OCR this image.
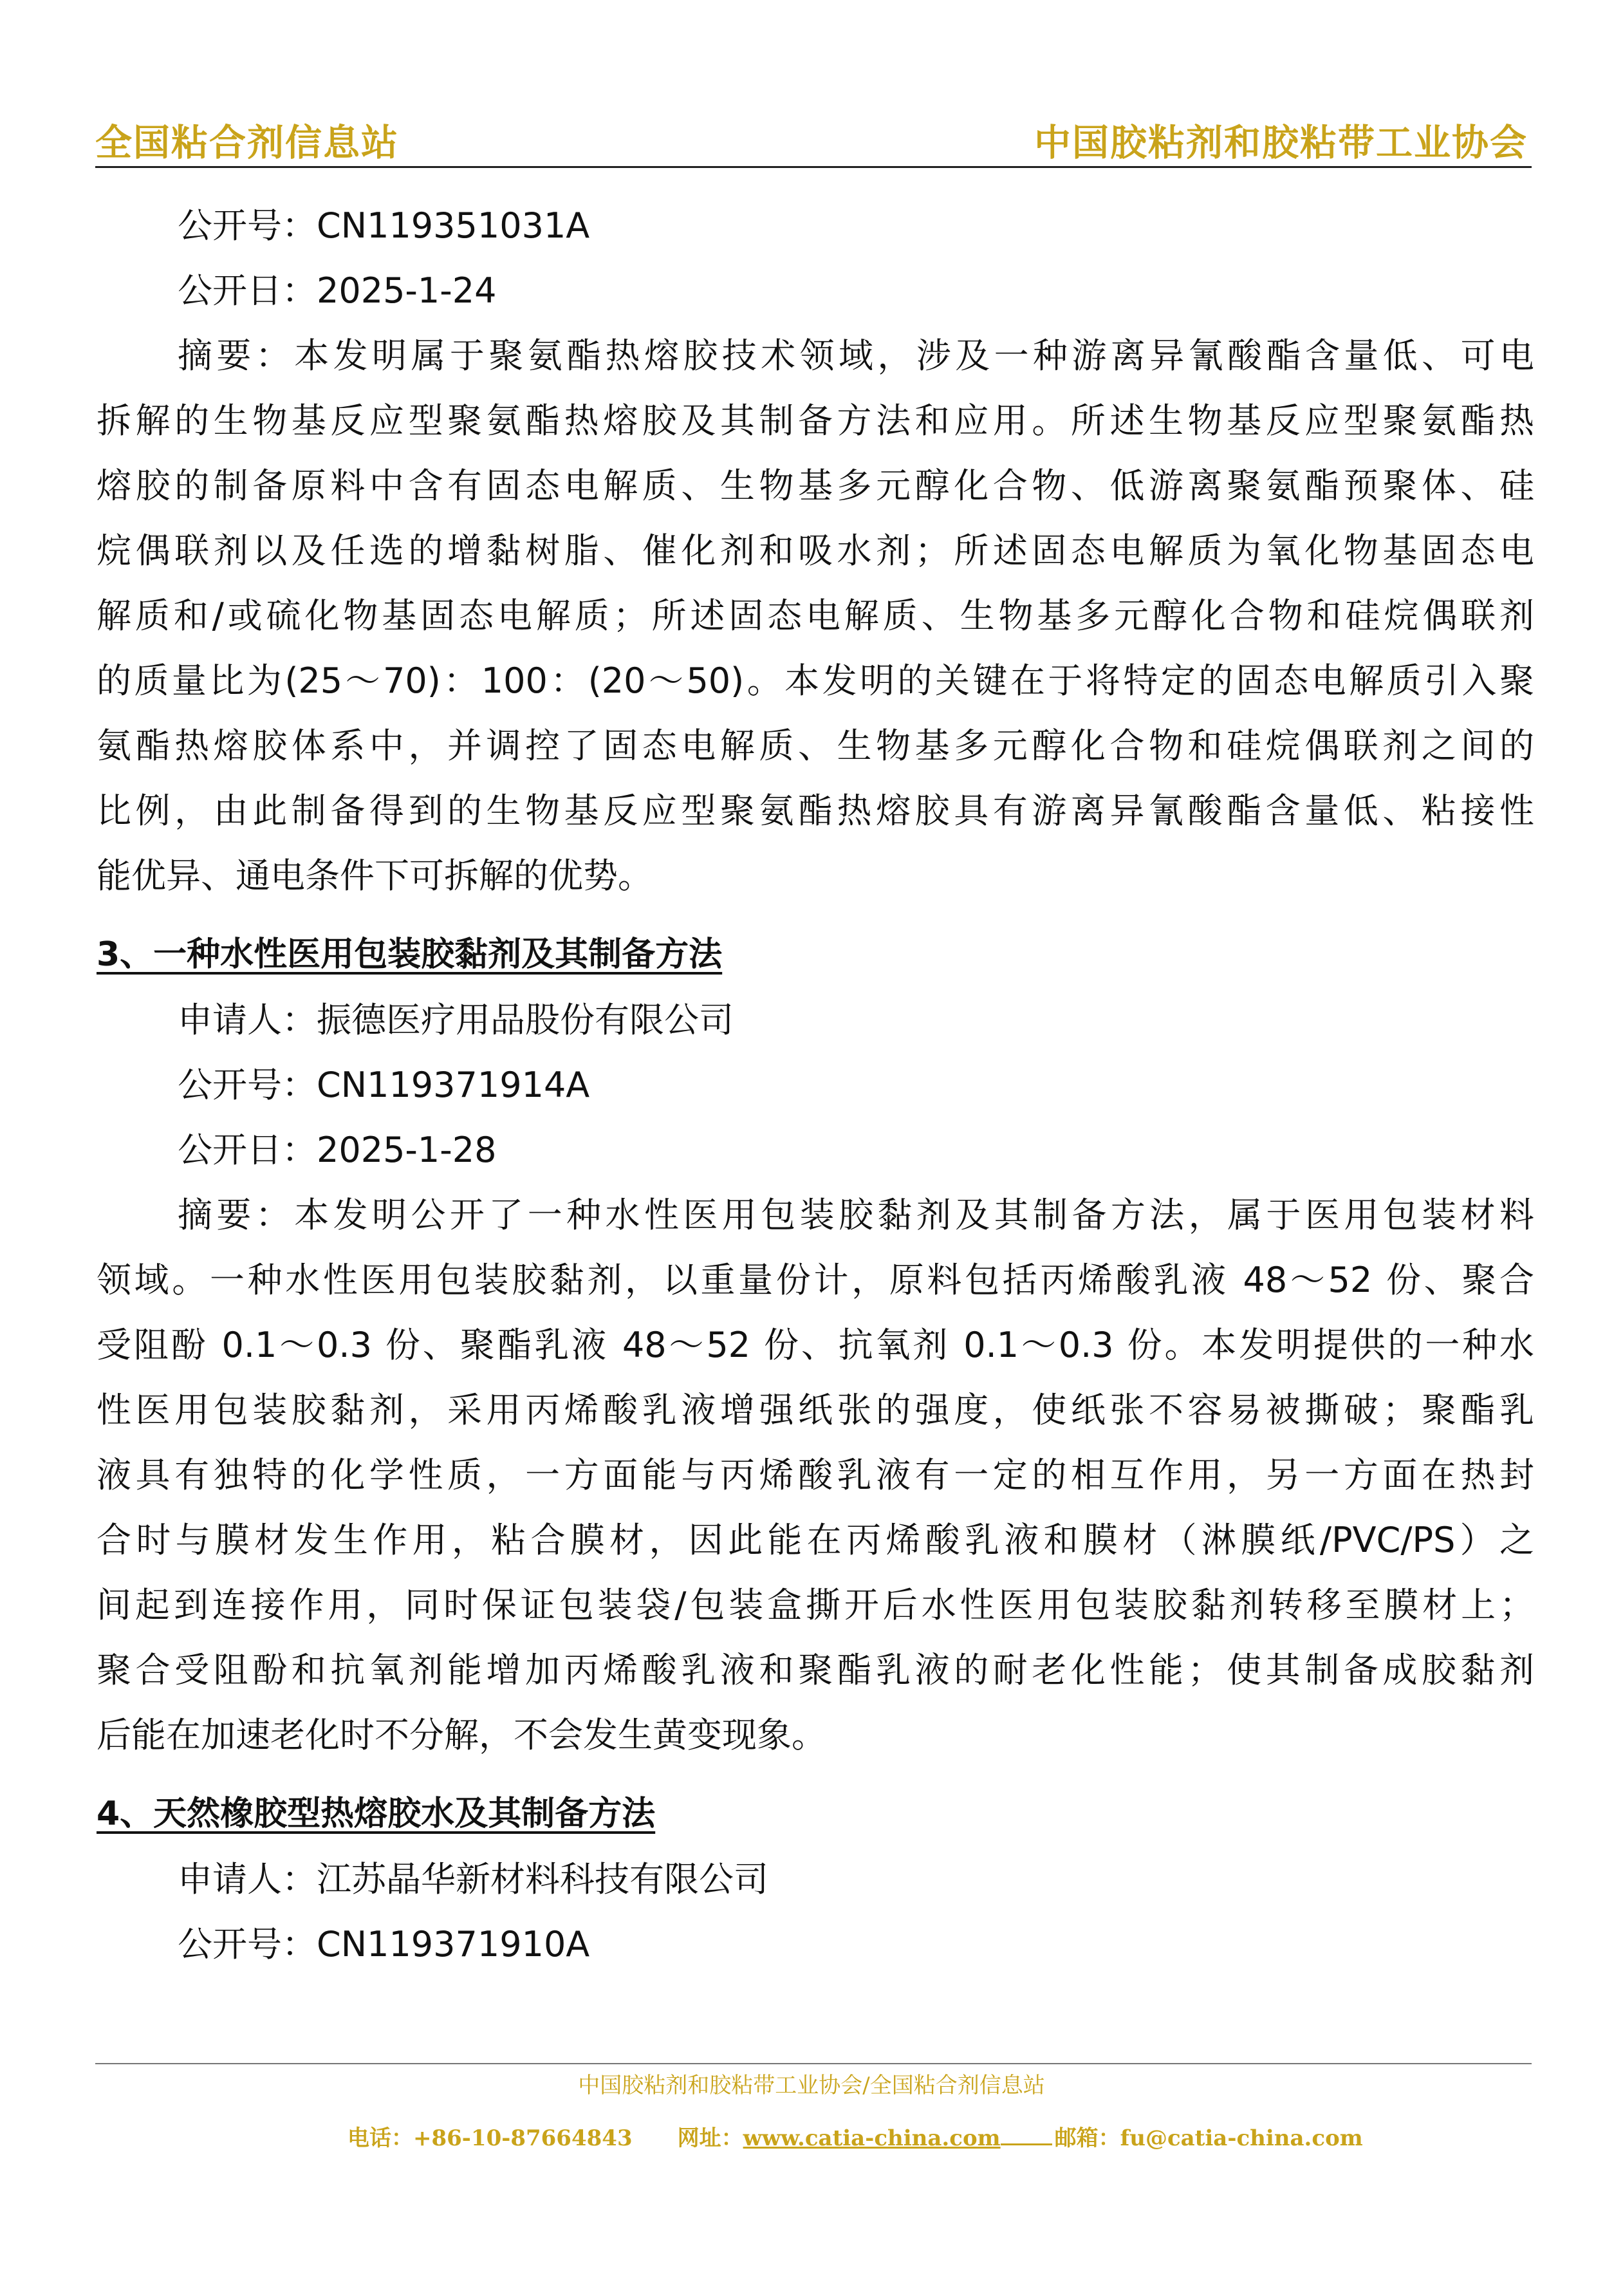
全国粘合剂信息站	中国胶粘剂和胶粘带工业协会
公开号：CN119351031A
公开日：2025-1-24
摘要：本发明属于聚氨酯热熔胶技术领域，涉及一种游离异氰酸酯含量低、可电
拆解的生物基反应型聚氨酯热熔胶及其制备方法和应用。所述生物基反应型聚氨酯热
熔胶的制备原料中含有固态电解质、生物基多元醇化合物、低游离聚氨酯预聚体、硅
烷偶联剂以及任选的增黏树脂、催化剂和吸水剂；所述固态电解质为氧化物基固态电
解质和/或硫化物基固态电解质；所述固态电解质、生物基多元醇化合物和硅烷偶联剂
的质量比为(25～70)：100：(20～50)。本发明的关键在于将特定的固态电解质引入聚
氨酯热熔胶体系中，并调控了固态电解质、生物基多元醇化合物和硅烷偶联剂之间的
比例，由此制备得到的生物基反应型聚氨酯热熔胶具有游离异氰酸酯含量低、粘接性
能优异、通电条件下可拆解的优势。
3、一种水性医用包装胶黏剂及其制备方法
申请人：振德医疗用品股份有限公司
公开号：CN119371914A
公开日：2025-1-28
摘要：本发明公开了一种水性医用包装胶黏剂及其制备方法，属于医用包装材料
领域。一种水性医用包装胶黏剂，以重量份计，原料包括丙烯酸乳液 48～52 份、聚合
受阻酚 0.1～0.3 份、聚酯乳液 48～52 份、抗氧剂 0.1～0.3 份。本发明提供的一种水
性医用包装胶黏剂，采用丙烯酸乳液增强纸张的强度，使纸张不容易被撕破；聚酯乳
液具有独特的化学性质，一方面能与丙烯酸乳液有一定的相互作用，另一方面在热封
合时与膜材发生作用，粘合膜材，因此能在丙烯酸乳液和膜材（淋膜纸/PVC/PS）之
间起到连接作用，同时保证包装袋/包装盒撕开后水性医用包装胶黏剂转移至膜材上；
聚合受阻酚和抗氧剂能增加丙烯酸乳液和聚酯乳液的耐老化性能；使其制备成胶黏剂
后能在加速老化时不分解，不会发生黄变现象。
4、天然橡胶型热熔胶水及其制备方法
申请人：江苏晶华新材料科技有限公司
公开号：CN119371910A
中国胶粘剂和胶粘带工业协会/全国粘合剂信息站
电话：+86-10-87664843 网址：www.catia-china.com 邮箱：fu@catia-china.com
